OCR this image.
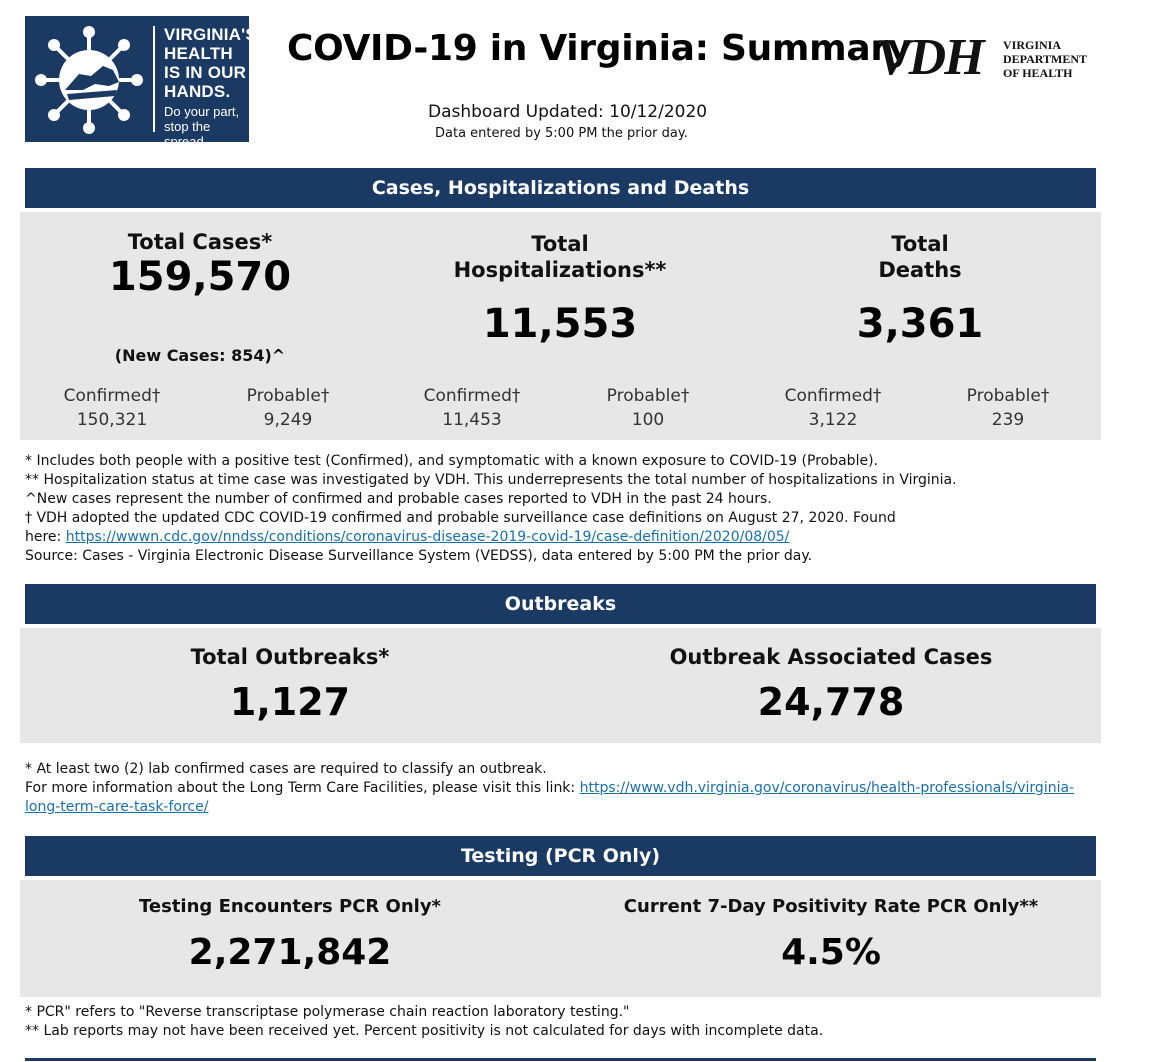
VIRGINIA'S
HEALTH
IS IN OUR
HANDS.
Do your part,
stop the spread.
COVID-19 in Virginia: Summary
Dashboard Updated: 10/12/2020
Data entered by 5:00 PM the prior day.
VDH VIRGINIA
DEPARTMENT
OF HEALTH
Cases, Hospitalizations and Deaths
Total Cases*
159,570
(New Cases: 854)^
Total
Hospitalizations**
11,553
Total
Deaths
3,361
Confirmed†
150,321
Probable†
9,249
Confirmed†
11,453
Probable†
100
Confirmed†
3,122
Probable†
239
* Includes both people with a positive test (Confirmed), and symptomatic with a known exposure to COVID-19 (Probable).
** Hospitalization status at time case was investigated by VDH. This underrepresents the total number of hospitalizations in Virginia.
^New cases represent the number of confirmed and probable cases reported to VDH in the past 24 hours.
† VDH adopted the updated CDC COVID-19 confirmed and probable surveillance case definitions on August 27, 2020. Found
here: https://wwwn.cdc.gov/nndss/conditions/coronavirus-disease-2019-covid-19/case-definition/2020/08/05/
Source: Cases - Virginia Electronic Disease Surveillance System (VEDSS), data entered by 5:00 PM the prior day.
Outbreaks
Total Outbreaks*
1,127
Outbreak Associated Cases
24,778
* At least two (2) lab confirmed cases are required to classify an outbreak.
For more information about the Long Term Care Facilities, please visit this link: https://www.vdh.virginia.gov/coronavirus/health-professionals/virginia-
long-term-care-task-force/
Testing (PCR Only)
Testing Encounters PCR Only*
2,271,842
Current 7-Day Positivity Rate PCR Only**
4.5%
* PCR" refers to "Reverse transcriptase polymerase chain reaction laboratory testing."
** Lab reports may not have been received yet. Percent positivity is not calculated for days with incomplete data.
